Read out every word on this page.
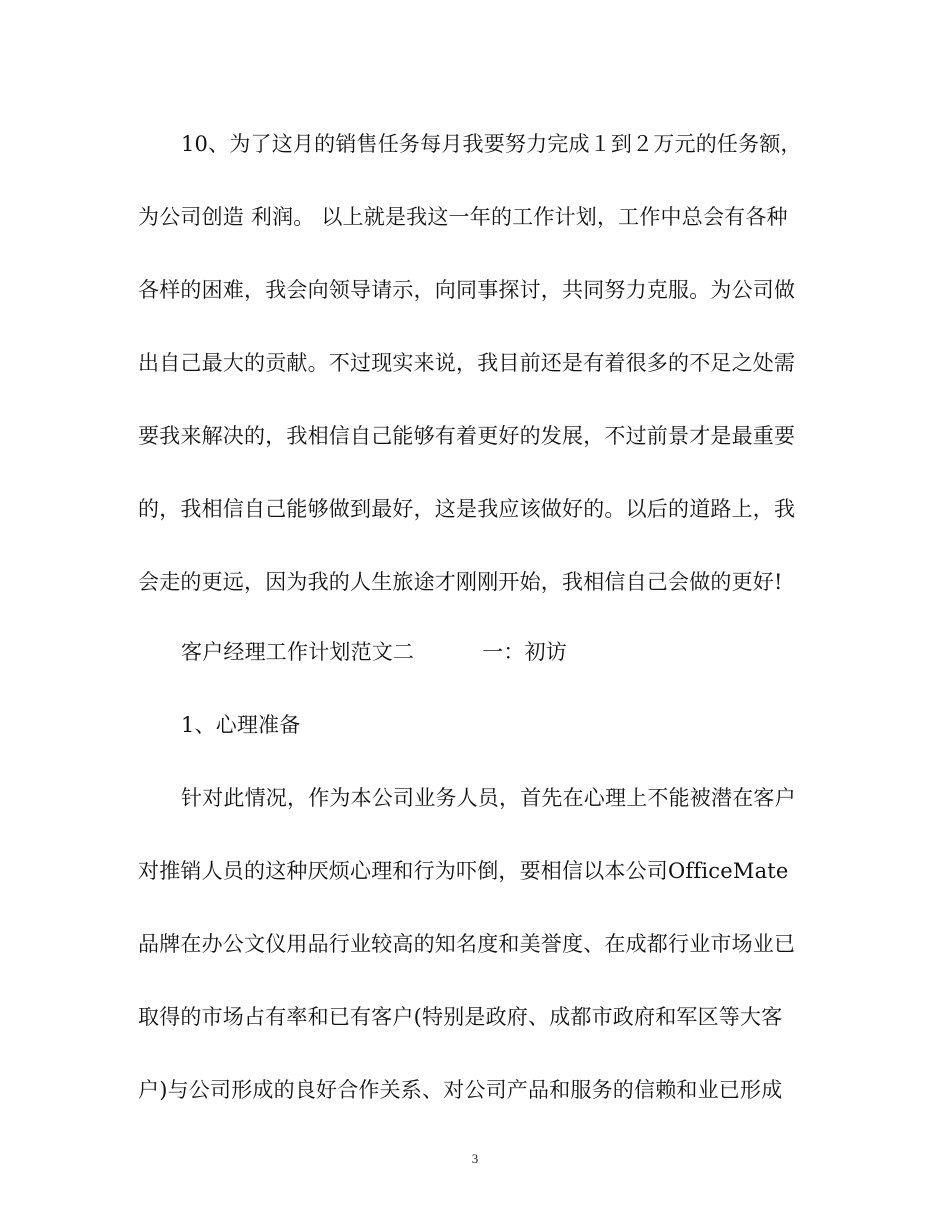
10、为了这月的销售任务每月我要努力完成１到２万元的任务额，
为公司创造 利润。 以上就是我这一年的工作计划，工作中总会有各种
各样的困难，我会向领导请示，向同事探讨，共同努力克服。为公司做
出自己最大的贡献。不过现实来说，我目前还是有着很多的不足之处需
要我来解决的，我相信自己能够有着更好的发展，不过前景才是最重要
的，我相信自己能够做到最好，这是我应该做好的。以后的道路上，我
会走的更远，因为我的人生旅途才刚刚开始，我相信自己会做的更好!
客户经理工作计划范文二	一：初访
1、心理准备
针对此情况，作为本公司业务人员，首先在心理上不能被潜在客户
对推销人员的这种厌烦心理和行为吓倒，要相信以本公司OfficeMate
品牌在办公文仪用品行业较高的知名度和美誉度、在成都行业市场业已
取得的市场占有率和已有客户(特别是政府、成都市政府和军区等大客
户)与公司形成的良好合作关系、对公司产品和服务的信赖和业已形成
3
